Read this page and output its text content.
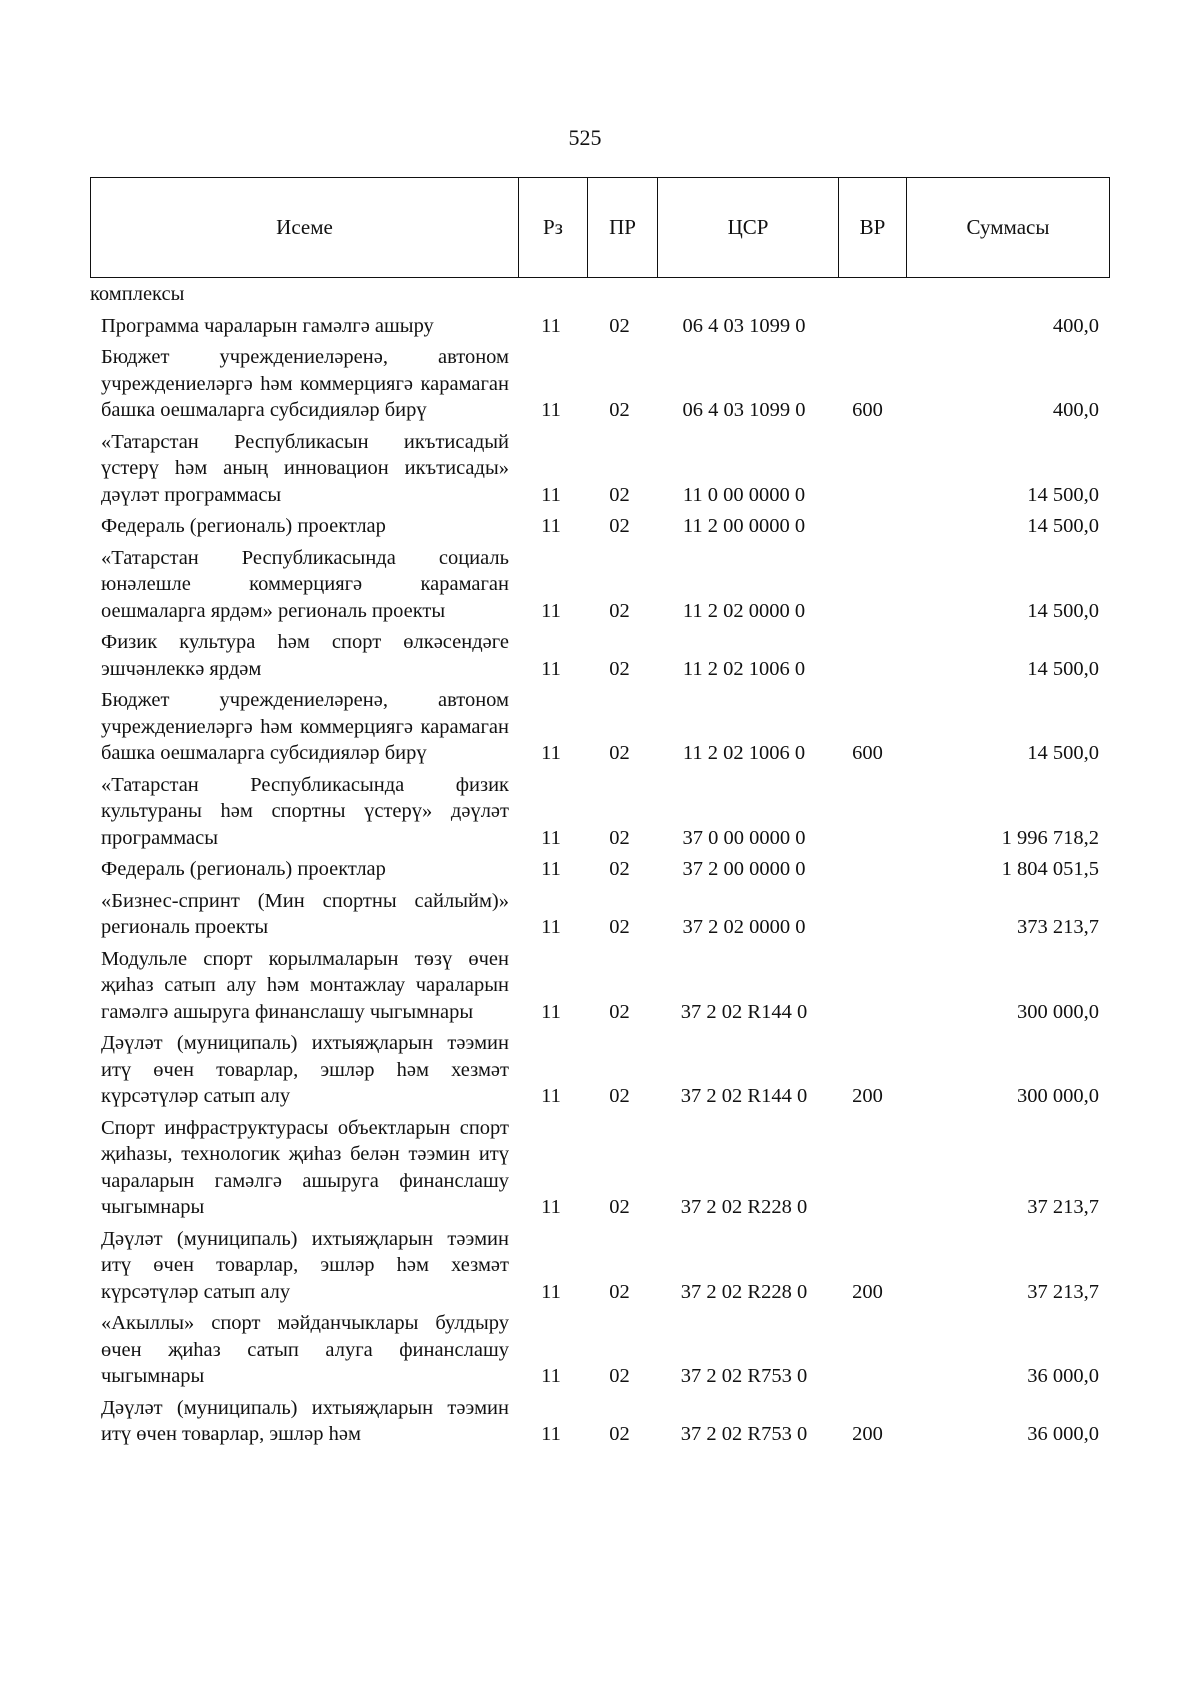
525
Исеме	Рз	ПР	ЦСР	ВР	Суммасы
комплексы					
Программа чараларын гамәлгә ашыру	11	02	06 4 03 1099 0		400,0
Бюджет учреждениеләренә, автоном учреждениеләргә һәм коммерциягә карамаган башка оешмаларга субсидияләр бирү	11	02	06 4 03 1099 0	600	400,0
«Татарстан Республикасын икътисадый үстерү һәм аның инновацион икътисады» дәүләт программасы	11	02	11 0 00 0000 0		14 500,0
Федераль (региональ) проектлар	11	02	11 2 00 0000 0		14 500,0
«Татарстан Республикасында социаль юнәлешле коммерциягә карамаган оешмаларга ярдәм» региональ проекты	11	02	11 2 02 0000 0		14 500,0
Физик культура һәм спорт өлкәсендәге эшчәнлеккә ярдәм	11	02	11 2 02 1006 0		14 500,0
Бюджет учреждениеләренә, автоном учреждениеләргә һәм коммерциягә карамаган башка оешмаларга субсидияләр бирү	11	02	11 2 02 1006 0	600	14 500,0
«Татарстан Республикасында физик культураны һәм спортны үстерү» дәүләт программасы	11	02	37 0 00 0000 0		1 996 718,2
Федераль (региональ) проектлар	11	02	37 2 00 0000 0		1 804 051,5
«Бизнес-спринт (Мин спортны сайлыйм)» региональ проекты	11	02	37 2 02 0000 0		373 213,7
Модульле спорт корылмаларын төзү өчен җиһаз сатып алу һәм монтажлау чараларын гамәлгә ашыруга финанслашу чыгымнары	11	02	37 2 02 R144 0		300 000,0
Дәүләт (муниципаль) ихтыяҗларын тәэмин итү өчен товарлар, эшләр һәм хезмәт күрсәтүләр сатып алу	11	02	37 2 02 R144 0	200	300 000,0
Спорт инфраструктурасы объектларын спорт җиһазы, технологик җиһаз белән тәэмин итү чараларын гамәлгә ашыруга финанслашу чыгымнары	11	02	37 2 02 R228 0		37 213,7
Дәүләт (муниципаль) ихтыяҗларын тәэмин итү өчен товарлар, эшләр һәм хезмәт күрсәтүләр сатып алу	11	02	37 2 02 R228 0	200	37 213,7
«Акыллы» спорт мәйданчыклары булдыру өчен җиһаз сатып алуга финанслашу чыгымнары	11	02	37 2 02 R753 0		36 000,0
Дәүләт (муниципаль) ихтыяҗларын тәэмин итү өчен товарлар, эшләр һәм	11	02	37 2 02 R753 0	200	36 000,0
